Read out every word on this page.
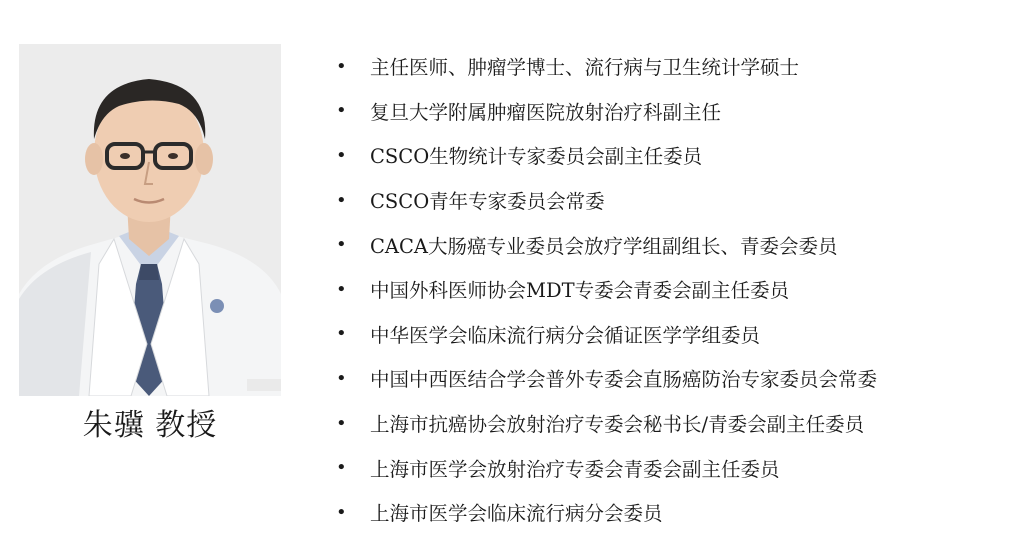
朱骥 教授
•	主任医师、肿瘤学博士、流行病与卫生统计学硕士
•	复旦大学附属肿瘤医院放射治疗科副主任
•	CSCO生物统计专家委员会副主任委员
•	CSCO青年专家委员会常委
•	CACA大肠癌专业委员会放疗学组副组长、青委会委员
•	中国外科医师协会MDT专委会青委会副主任委员
•	中华医学会临床流行病分会循证医学学组委员
•	中国中西医结合学会普外专委会直肠癌防治专家委员会常委
•	上海市抗癌协会放射治疗专委会秘书长/青委会副主任委员
•	上海市医学会放射治疗专委会青委会副主任委员
•	上海市医学会临床流行病分会委员
